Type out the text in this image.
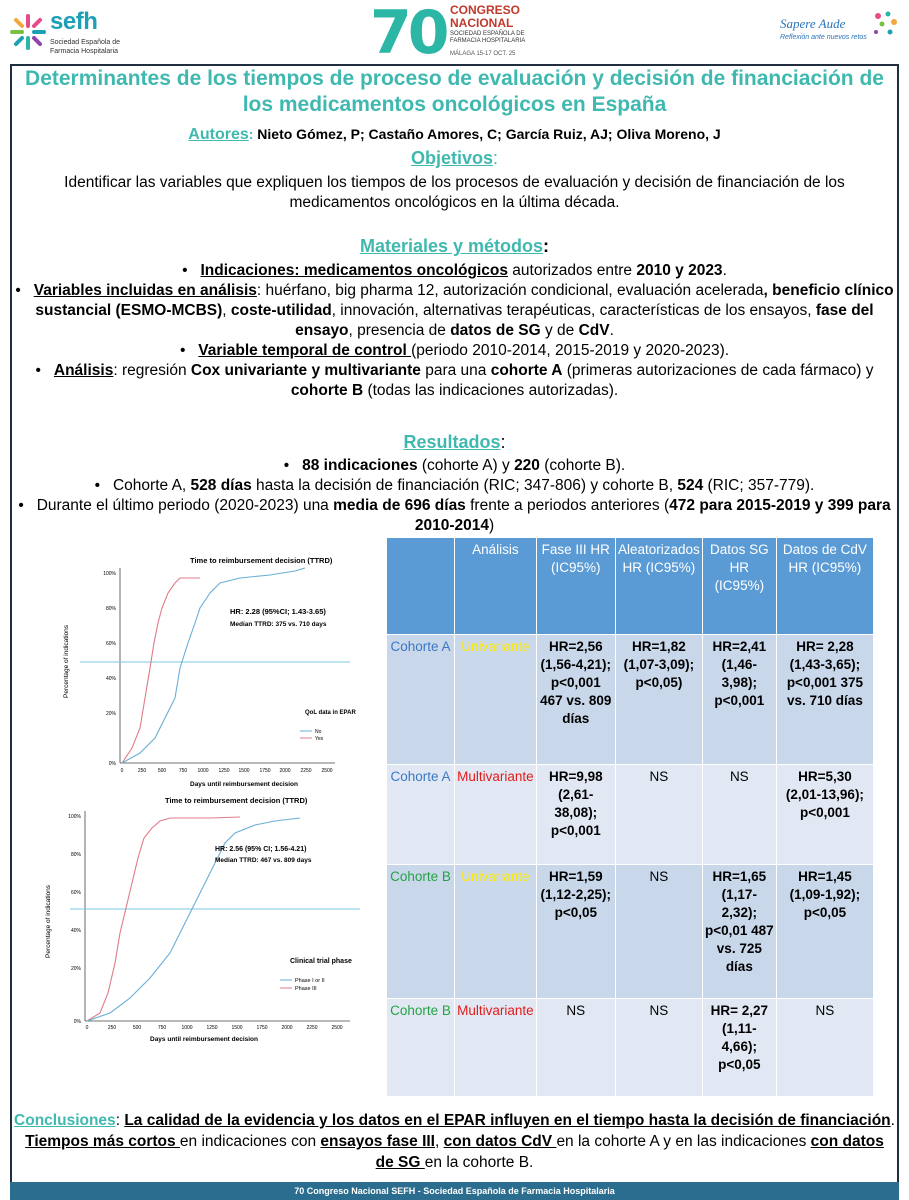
sefh
Sociedad Española de Farmacia Hospitalaria	70 CONGRESO NACIONAL
SOCIEDAD ESPAÑOLA DE FARMACIA HOSPITALARIA
MÁLAGA 15-17 OCT. 25
Sapere Aude
Reflexión ante nuevos retos
Determinantes de los tiempos de proceso de evaluación y decisión de financiación de los medicamentos oncológicos en España
Autores: Nieto Gómez, P; Castaño Amores, C; García Ruiz, AJ; Oliva Moreno, J
Objetivos:
Identificar las variables que expliquen los tiempos de los procesos de evaluación y decisión de financiación de los medicamentos oncológicos en la última década.
Materiales y métodos:

•   Indicaciones: medicamentos oncológicos autorizados entre 2010 y 2023.

•   Variables incluidas en análisis: huérfano, big pharma 12, autorización condicional, evaluación acelerada, beneficio clínico sustancial (ESMO-MCBS), coste-utilidad, innovación, alternativas terapéuticas, características de los ensayos, fase del ensayo, presencia de datos de SG y de CdV.

•   Variable temporal de control (periodo 2010-2014, 2015-2019 y 2020-2023).

•   Análisis: regresión Cox univariante y multivariante para una cohorte A (primeras autorizaciones de cada fármaco) y cohorte B (todas las indicaciones autorizadas).

Resultados:

•   88 indicaciones (cohorte A) y 220 (cohorte B).

•   Cohorte A, 528 días hasta la decisión de financiación (RIC; 347-806) y cohorte B, 524 (RIC; 357-779).

•   Durante el último periodo (2020-2023) una media de 696 días frente a periodos anteriores (472 para 2015-2019 y 399 para 2010-2014)

Time to reimbursement decision (TTRD)
Percentage of indications
100%
80%
60%
40%
20%
0%
0	250 500	750 1000 1250 1500 1750 2000 2250 2500
Days until reimbursement decision
HR: 2.28 (95%CI; 1.43-3.65)
Median TTRD: 375 vs. 710 days
QoL data in EPAR
No
Yes
Time to reimbursement decision (TTRD)
Percentage of indications
100%
80%
60%
40%
20%
0%
0	250	500	750	1000	1250	1500	1750	2000	2250	2500
Days until reimbursement decision
HR: 2.56 (95% CI; 1.56-4.21)
Median TTRD: 467 vs. 809 days
Clinical trial phase
Phase I or II
Phase III
	Análisis	Fase III HR (IC95%)	Aleatorizados HR (IC95%)	Datos SG HR (IC95%)	Datos de CdV HR (IC95%)
Cohorte A	Univariante	HR=2,56 (1,56-4,21); p<0,001 467 vs. 809 días	HR=1,82 (1,07-3,09); p<0,05)	HR=2,41 (1,46-3,98); p<0,001	HR= 2,28 (1,43-3,65); p<0,001 375 vs. 710 días
Cohorte A	Multivariante	HR=9,98 (2,61-38,08); p<0,001	NS	NS	HR=5,30 (2,01-13,96); p<0,001
Cohorte B	Univariante	HR=1,59 (1,12-2,25); p<0,05	NS	HR=1,65 (1,17-2,32); p<0,01 487 vs. 725 días	HR=1,45 (1,09-1,92); p<0,05
Cohorte B	Multivariante	NS	NS	HR= 2,27 (1,11-4,66); p<0,05	NS
Conclusiones: La calidad de la evidencia y los datos en el EPAR influyen en el tiempo hasta la decisión de financiación. Tiempos más cortos en indicaciones con ensayos fase III, con datos CdV en la cohorte A y en las indicaciones con datos de SG en la cohorte B.
70 Congreso Nacional SEFH - Sociedad Española de Farmacia Hospitalaria
